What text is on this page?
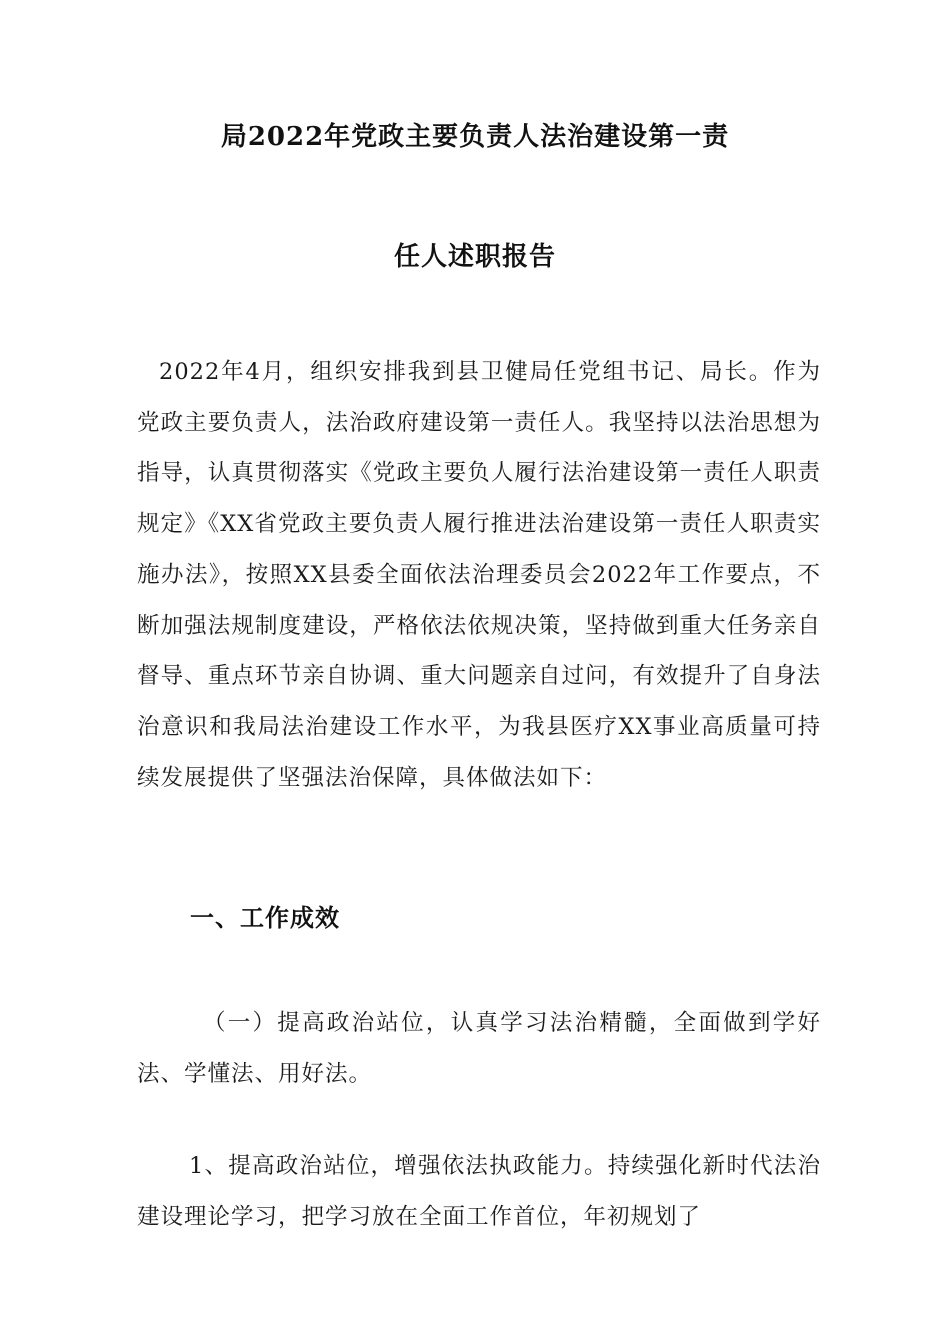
局2022年党政主要负责人法治建设第一责
任人述职报告
2022年4月，组织安排我到县卫健局任党组书记、局长。作为党政主要负责人，法治政府建设第一责任人。我坚持以法治思想为指导，认真贯彻落实《党政主要负人履行法治建设第一责任人职责规定》《XX省党政主要负责人履行推进法治建设第一责任人职责实施办法》，按照XX县委全面依法治理委员会2022年工作要点，不断加强法规制度建设，严格依法依规决策，坚持做到重大任务亲自督导、重点环节亲自协调、重大问题亲自过问，有效提升了自身法治意识和我局法治建设工作水平，为我县医疗XX事业高质量可持续发展提供了坚强法治保障，具体做法如下：
一、工作成效
（一）提高政治站位，认真学习法治精髓，全面做到学好法、学懂法、用好法。
1、提高政治站位，增强依法执政能力。持续强化新时代法治建设理论学习，把学习放在全面工作首位，年初规划了
